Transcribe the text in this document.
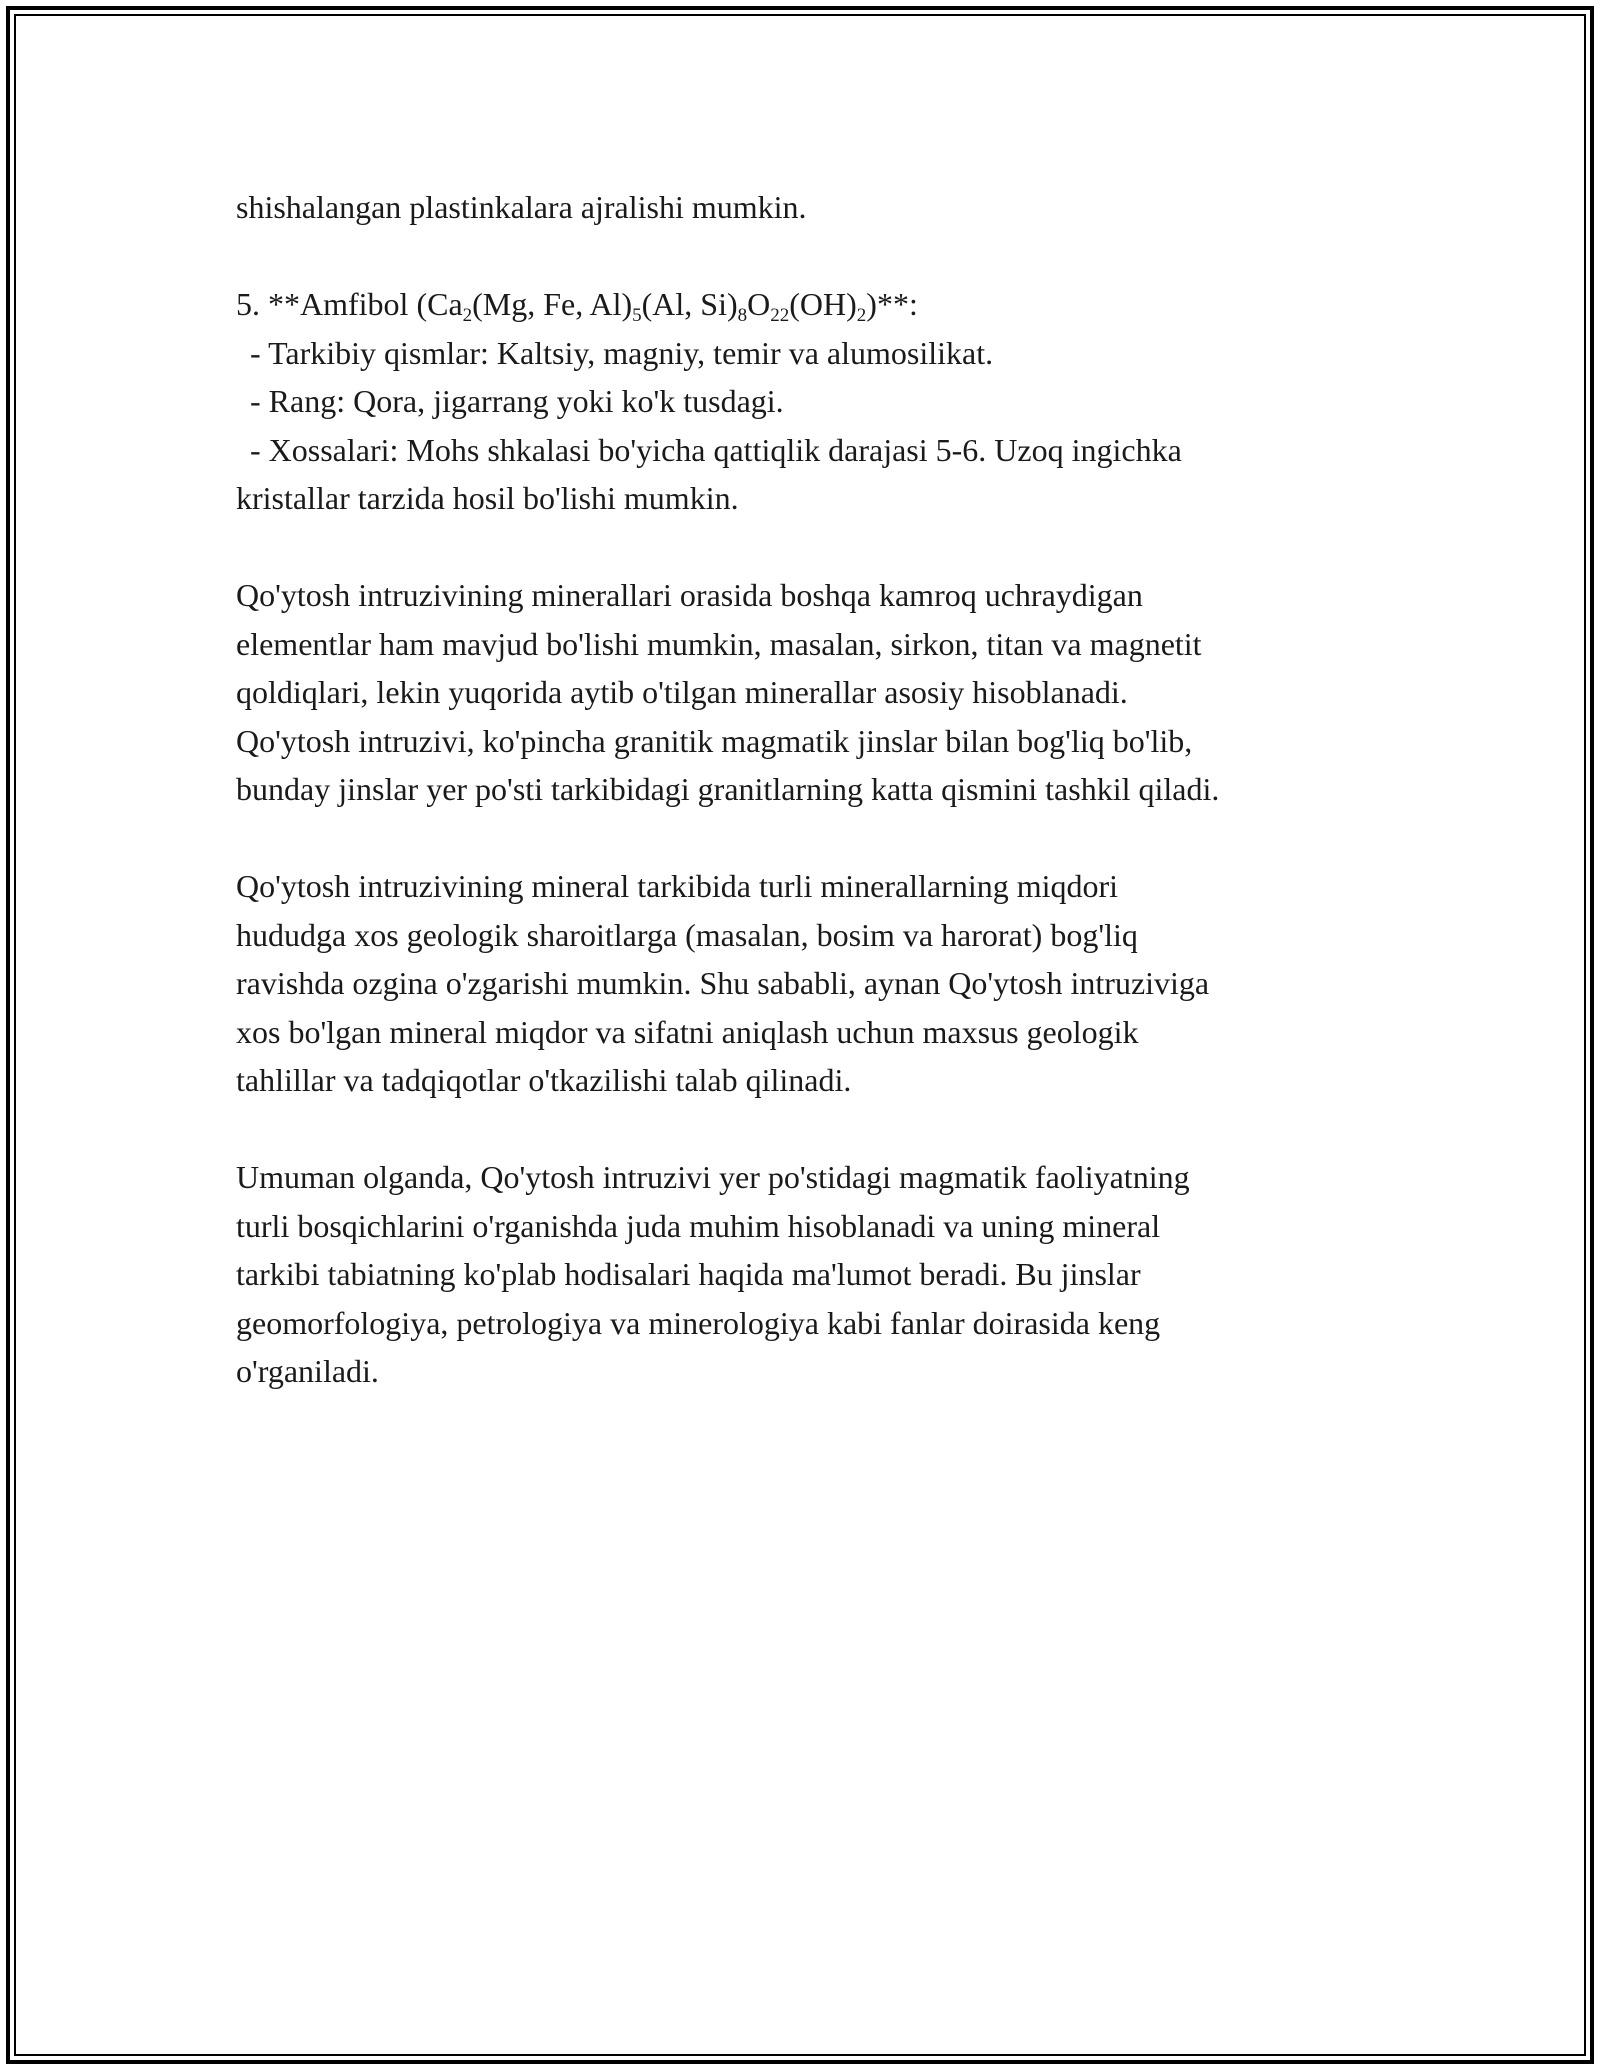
shishalangan plastinkalara ajralishi mumkin.
5. **Amfibol ($Ca_2(Mg$, Fe, $Al)_5(Al$, $Si)_8O_{22}(OH)_2)**$:
- Tarkibiy qismlar: Kaltsiy, magniy, temir va alumosilikat.
- Rang: Qora, jigarrang yoki ko'k tusdagi.
- Xossalari: Mohs shkalasi bo'yicha qattiqlik darajasi 5-6. Uzoq ingichka
kristallar tarzida hosil bo'lishi mumkin.
Qo'ytosh intruzivining minerallari orasida boshqa kamroq uchraydigan
elementlar ham mavjud bo'lishi mumkin, masalan, sirkon, titan va magnetit
qoldiqlari, lekin yuqorida aytib o'tilgan minerallar asosiy hisoblanadi.
Qo'ytosh intruzivi, ko'pincha granitik magmatik jinslar bilan bog'liq bo'lib,
bunday jinslar yer po'sti tarkibidagi granitlarning katta qismini tashkil qiladi.
Qo'ytosh intruzivining mineral tarkibida turli minerallarning miqdori
hududga xos geologik sharoitlarga (masalan, bosim va harorat) bog'liq
ravishda ozgina o'zgarishi mumkin. Shu sababli, aynan Qo'ytosh intruziviga
xos bo'lgan mineral miqdor va sifatni aniqlash uchun maxsus geologik
tahlillar va tadqiqotlar o'tkazilishi talab qilinadi.
Umuman olganda, Qo'ytosh intruzivi yer po'stidagi magmatik faoliyatning
turli bosqichlarini o'rganishda juda muhim hisoblanadi va uning mineral
tarkibi tabiatning ko'plab hodisalari haqida ma'lumot beradi. Bu jinslar
geomorfologiya, petrologiya va minerologiya kabi fanlar doirasida keng
o'rganiladi.
